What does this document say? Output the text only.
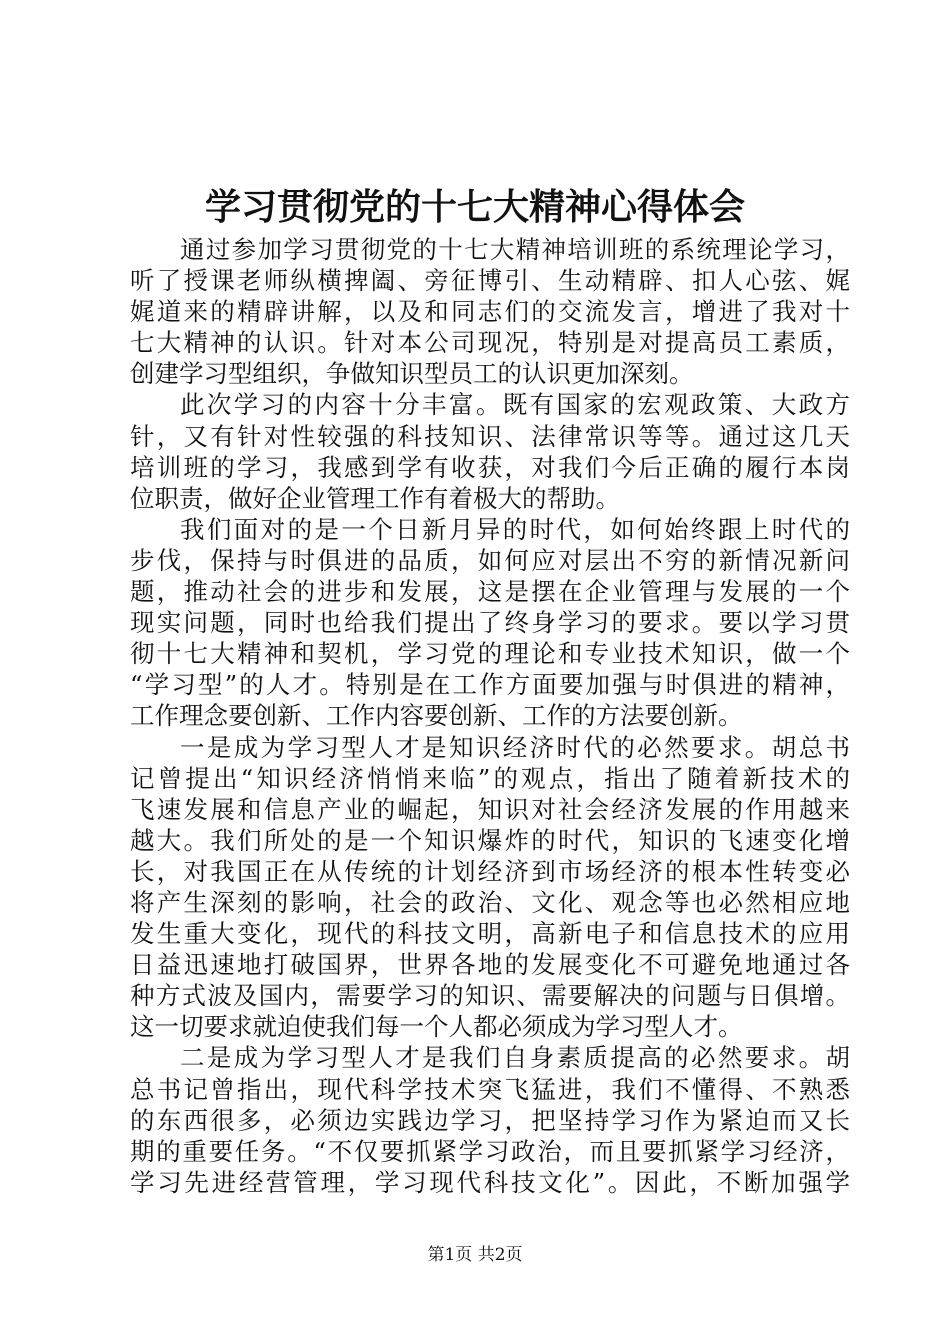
学习贯彻党的十七大精神心得体会
通过参加学习贯彻党的十七大精神培训班的系统理论学习，
听了授课老师纵横捭阖、旁征博引、生动精辟、扣人心弦、娓
娓道来的精辟讲解，以及和同志们的交流发言，增进了我对十
七大精神的认识。针对本公司现况，特别是对提高员工素质，
创建学习型组织，争做知识型员工的认识更加深刻。
此次学习的内容十分丰富。既有国家的宏观政策、大政方
针，又有针对性较强的科技知识、法律常识等等。通过这几天
培训班的学习，我感到学有收获，对我们今后正确的履行本岗
位职责，做好企业管理工作有着极大的帮助。
我们面对的是一个日新月异的时代，如何始终跟上时代的
步伐，保持与时俱进的品质，如何应对层出不穷的新情况新问
题，推动社会的进步和发展，这是摆在企业管理与发展的一个
现实问题，同时也给我们提出了终身学习的要求。要以学习贯
彻十七大精神和契机，学习党的理论和专业技术知识，做一个
“学习型”的人才。特别是在工作方面要加强与时俱进的精神，
工作理念要创新、工作内容要创新、工作的方法要创新。
一是成为学习型人才是知识经济时代的必然要求。胡总书
记曾提出“知识经济悄悄来临”的观点，指出了随着新技术的
飞速发展和信息产业的崛起，知识对社会经济发展的作用越来
越大。我们所处的是一个知识爆炸的时代，知识的飞速变化增
长，对我国正在从传统的计划经济到市场经济的根本性转变必
将产生深刻的影响，社会的政治、文化、观念等也必然相应地
发生重大变化，现代的科技文明，高新电子和信息技术的应用
日益迅速地打破国界，世界各地的发展变化不可避免地通过各
种方式波及国内，需要学习的知识、需要解决的问题与日俱增。
这一切要求就迫使我们每一个人都必须成为学习型人才。
二是成为学习型人才是我们自身素质提高的必然要求。胡
总书记曾指出，现代科学技术突飞猛进，我们不懂得、不熟悉
的东西很多，必须边实践边学习，把坚持学习作为紧迫而又长
期的重要任务。“不仅要抓紧学习政治，而且要抓紧学习经济，
学习先进经营管理，学习现代科技文化”。因此，不断加强学
第1页 共2页
